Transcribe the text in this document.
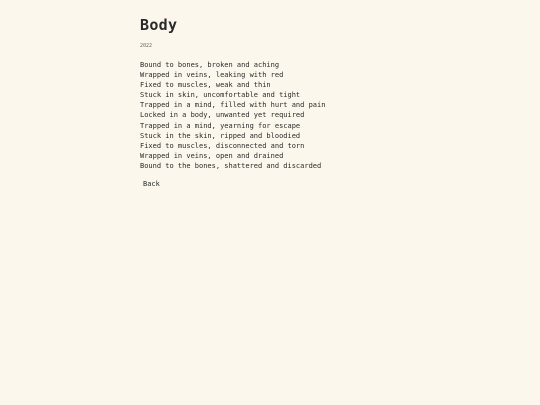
Body
2022
Bound to bones, broken and aching
Wrapped in veins, leaking with red
Fixed to muscles, weak and thin
Stuck in skin, uncomfortable and tight
Trapped in a mind, filled with hurt and pain
Locked in a body, unwanted yet required
Trapped in a mind, yearning for escape
Stuck in the skin, ripped and bloodied
Fixed to muscles, disconnected and torn
Wrapped in veins, open and drained
Bound to the bones, shattered and discarded
Back
